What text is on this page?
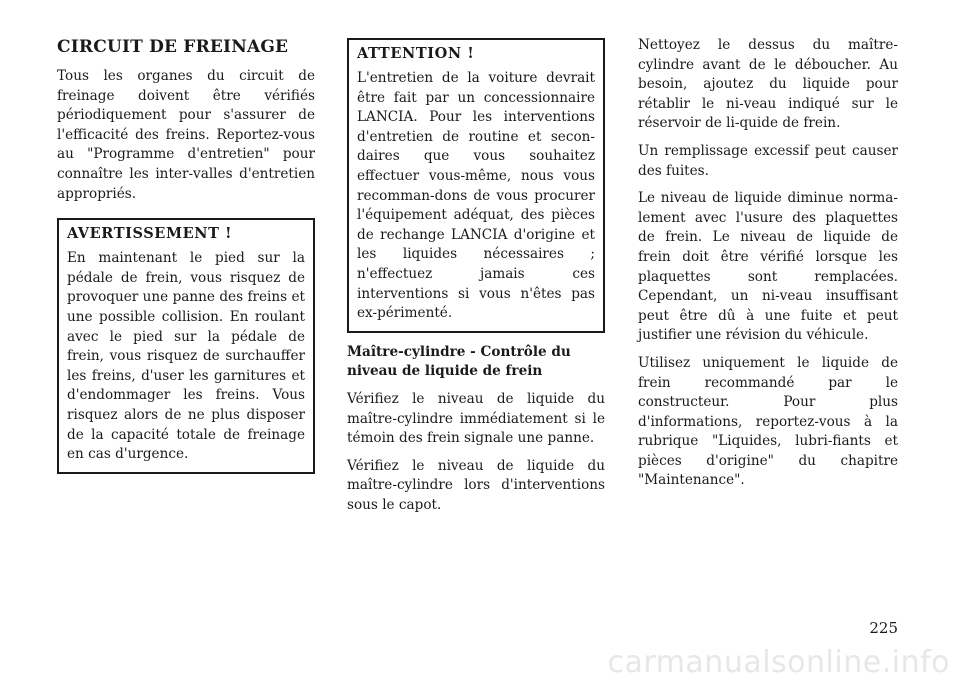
CIRCUIT DE FREINAGE

Tous les organes du circuit de freinage doivent être vérifiés périodiquement pour s'assurer de l'efficacité des freins. Reportez-vous au "Programme d'entretien" pour connaître les inter-valles d'entretien appropriés.

AVERTISSEMENT !

En maintenant le pied sur la pédale de frein, vous risquez de provoquer une panne des freins et une possible collision. En roulant avec le pied sur la pédale de frein, vous risquez de surchauffer les freins, d'user les garnitures et d'endommager les freins. Vous risquez alors de ne plus disposer de la capacité totale de freinage en cas d'urgence.

ATTENTION !

L'entretien de la voiture devrait être fait par un concessionnaire LANCIA. Pour les interventions d'entretien de routine et secon-daires que vous souhaitez effectuer vous-même, nous vous recomman-dons de vous procurer l'équipement adéquat, des pièces de rechange LANCIA d'origine et les liquides nécessaires ; n'effectuez jamais ces interventions si vous n'êtes pas ex-périmenté.

Maître-cylindre - Contrôle du niveau de liquide de frein

Vérifiez le niveau de liquide du maître-cylindre immédiatement si le témoin des frein signale une panne.

Vérifiez le niveau de liquide du maître-cylindre lors d'interventions sous le capot.

Nettoyez le dessus du maître-cylindre avant de le déboucher. Au besoin, ajoutez du liquide pour rétablir le ni-veau indiqué sur le réservoir de li-quide de frein.

Un remplissage excessif peut causer des fuites.

Le niveau de liquide diminue norma-lement avec l'usure des plaquettes de frein. Le niveau de liquide de frein doit être vérifié lorsque les plaquettes sont remplacées. Cependant, un ni-veau insuffisant peut être dû à une fuite et peut justifier une révision du véhicule.

Utilisez uniquement le liquide de frein recommandé par le constructeur. Pour plus d'informations, reportez-vous à la rubrique "Liquides, lubri-fiants et pièces d'origine" du chapitre "Maintenance".

225
carmanualsonline.info
